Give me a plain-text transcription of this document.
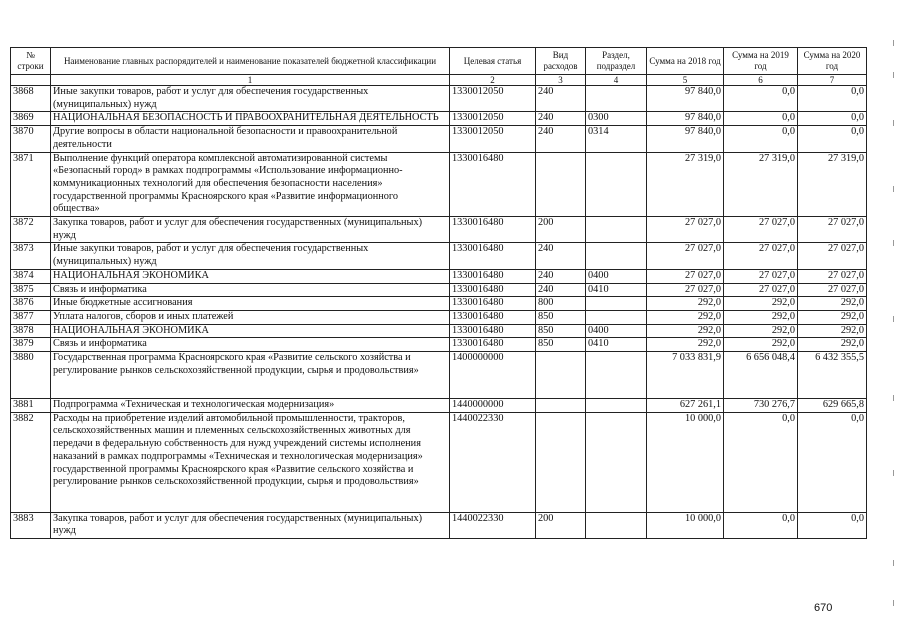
№ строки	Наименование главных распорядителей и наименование показателей бюджетной классификации	Целевая статья	Вид расходов	Раздел, подраздел	Сумма на 2018 год	Сумма на 2019 год	Сумма на 2020 год
	1	2	3	4	5	6	7
3868	Иные закупки товаров, работ и услуг для обеспечения государственных (муниципальных) нужд	1330012050	240		97 840,0	0,0	0,0
3869	НАЦИОНАЛЬНАЯ БЕЗОПАСНОСТЬ И ПРАВООХРАНИТЕЛЬНАЯ ДЕЯТЕЛЬНОСТЬ	1330012050	240	0300	97 840,0	0,0	0,0
3870	Другие вопросы в области национальной безопасности и правоохранительной деятельности	1330012050	240	0314	97 840,0	0,0	0,0
3871	Выполнение функций оператора комплексной автоматизированной системы «Безопасный город» в рамках подпрограммы «Использование информационно-коммуникационных технологий для обеспечения безопасности населения» государственной программы Красноярского края «Развитие информационного общества»	1330016480			27 319,0	27 319,0	27 319,0
3872	Закупка товаров, работ и услуг для обеспечения государственных (муниципальных) нужд	1330016480	200		27 027,0	27 027,0	27 027,0
3873	Иные закупки товаров, работ и услуг для обеспечения государственных (муниципальных) нужд	1330016480	240		27 027,0	27 027,0	27 027,0
3874	НАЦИОНАЛЬНАЯ ЭКОНОМИКА	1330016480	240	0400	27 027,0	27 027,0	27 027,0
3875	Связь и информатика	1330016480	240	0410	27 027,0	27 027,0	27 027,0
3876	Иные бюджетные ассигнования	1330016480	800		292,0	292,0	292,0
3877	Уплата налогов, сборов и иных платежей	1330016480	850		292,0	292,0	292,0
3878	НАЦИОНАЛЬНАЯ ЭКОНОМИКА	1330016480	850	0400	292,0	292,0	292,0
3879	Связь и информатика	1330016480	850	0410	292,0	292,0	292,0
3880	Государственная программа Красноярского края «Развитие сельского хозяйства и регулирование рынков сельскохозяйственной продукции, сырья и продовольствия»	1400000000			7 033 831,9	6 656 048,4	6 432 355,5
3881	Подпрограмма «Техническая и технологическая модернизация»	1440000000			627 261,1	730 276,7	629 665,8
3882	Расходы на приобретение изделий автомобильной промышленности, тракторов, сельскохозяйственных машин и племенных сельскохозяйственных животных для передачи в федеральную собственность для нужд учреждений системы исполнения наказаний в рамках подпрограммы «Техническая и технологическая модернизация» государственной программы Красноярского края «Развитие сельского хозяйства и регулирование рынков сельскохозяйственной продукции, сырья и продовольствия»	1440022330			10 000,0	0,0	0,0
3883	Закупка товаров, работ и услуг для обеспечения государственных (муниципальных) нужд	1440022330	200		10 000,0	0,0	0,0
670
